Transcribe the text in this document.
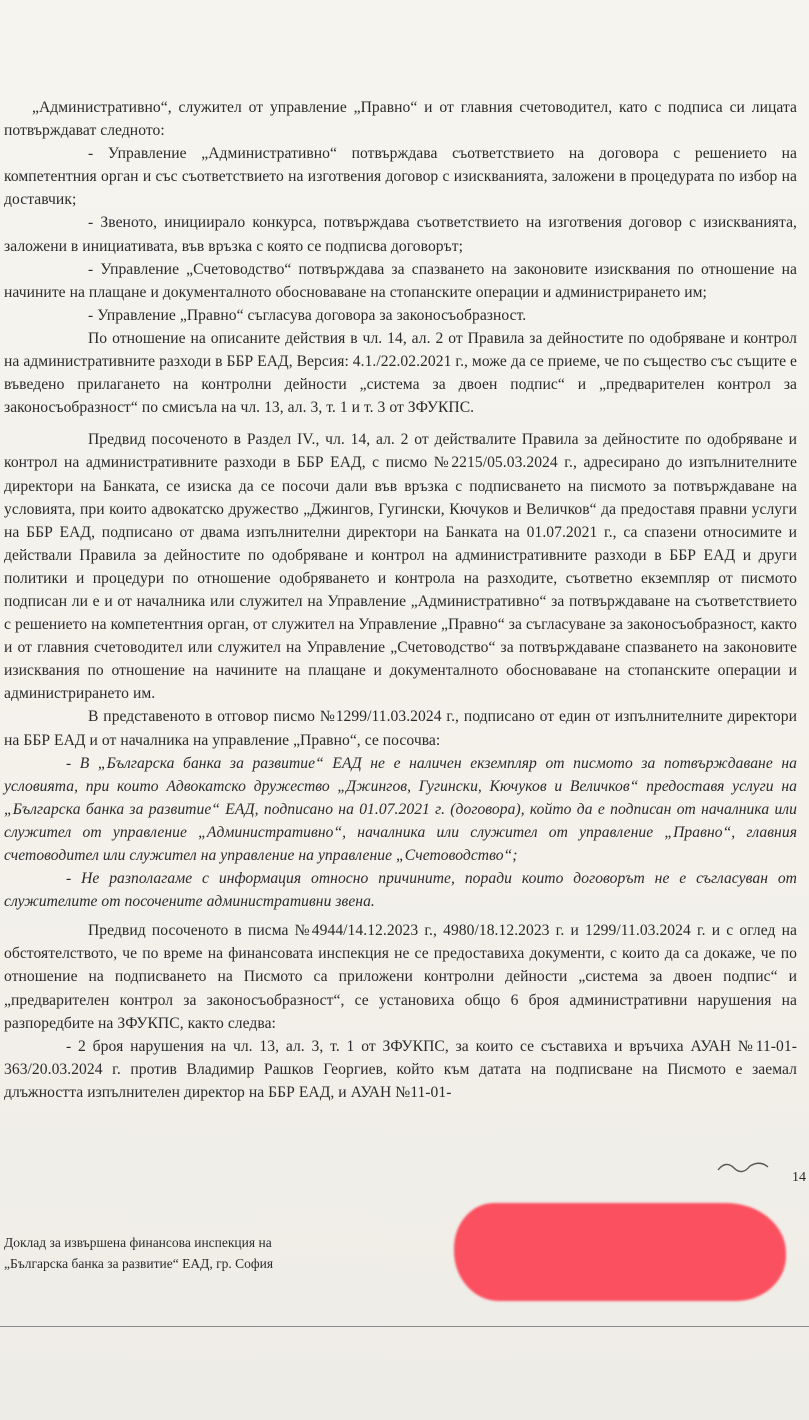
„Административно“, служител от управление „Правно“ и от главния счетоводител, като с подписа си лицата потвърждават следното:

- Управление „Административно“ потвърждава съответствието на договора с решението на компетентния орган и със съответствието на изготвения договор с изискванията, заложени в процедурата по избор на доставчик;

- Звеното, инициирало конкурса, потвърждава съответствието на изготвения договор с изискванията, заложени в инициативата, във връзка с която се подписва договорът;

- Управление „Счетоводство“ потвърждава за спазването на законовите изисквания по отношение на начините на плащане и документалното обосноваване на стопанските операции и администрирането им;

- Управление „Правно“ съгласува договора за законосъобразност.

По отношение на описаните действия в чл. 14, ал. 2 от Правила за дейностите по одобряване и контрол на административните разходи в ББР ЕАД, Версия: 4.1./22.02.2021 г., може да се приеме, че по същество със същите е въведено прилагането на контролни дейности „система за двоен подпис“ и „предварителен контрол за законосъобразност“ по смисъла на чл. 13, ал. 3, т. 1 и т. 3 от ЗФУКПС.

Предвид посоченото в Раздел IV., чл. 14, ал. 2 от действалите Правила за дейностите по одобряване и контрол на административните разходи в ББР ЕАД, с писмо №2215/05.03.2024 г., адресирано до изпълнителните директори на Банката, се изиска да се посочи дали във връзка с подписването на писмото за потвърждаване на условията, при които адвокатско дружество „Джингов, Гугински, Кючуков и Величков“ да предоставя правни услуги на ББР ЕАД, подписано от двама изпълнителни директори на Банката на 01.07.2021 г., са спазени относимите и действали Правила за дейностите по одобряване и контрол на административните разходи в ББР ЕАД и други политики и процедури по отношение одобряването и контрола на разходите, съответно екземпляр от писмото подписан ли е и от началника или служител на Управление „Административно“ за потвърждаване на съответствието с решението на компетентния орган, от служител на Управление „Правно“ за съгласуване за законосъобразност, както и от главния счетоводител или служител на Управление „Счетоводство“ за потвърждаване спазването на законовите изисквания по отношение на начините на плащане и документалното обосноваване на стопанските операции и администрирането им.

В представеното в отговор писмо №1299/11.03.2024 г., подписано от един от изпълнителните директори на ББР ЕАД и от началника на управление „Правно“, се посочва:

- В „Българска банка за развитие“ ЕАД не е наличен екземпляр от писмото за потвърждаване на условията, при които Адвокатско дружество „Джингов, Гугински, Кючуков и Величков“ предоставя услуги на „Българска банка за развитие“ ЕАД, подписано на 01.07.2021 г. (договора), който да е подписан от началника или служител от управление „Административно“, началника или служител от управление „Правно“, главния счетоводител или служител на управление на управление „Счетоводство“;

- Не разполагаме с информация относно причините, поради които договорът не е съгласуван от служителите от посочените административни звена.

Предвид посоченото в писма №4944/14.12.2023 г., 4980/18.12.2023 г. и 1299/11.03.2024 г. и с оглед на обстоятелството, че по време на финансовата инспекция не се предоставиха документи, с които да са докаже, че по отношение на подписването на Писмото са приложени контролни дейности „система за двоен подпис“ и „предварителен контрол за законосъобразност“, се установиха общо 6 броя административни нарушения на разпоредбите на ЗФУКПС, както следва:

- 2 броя нарушения на чл. 13, ал. 3, т. 1 от ЗФУКПС, за които се съставиха и връчиха АУАН №11-01-363/20.03.2024 г. против Владимир Рашков Георгиев, който към датата на подписване на Писмото е заемал длъжността изпълнителен директор на ББР ЕАД, и АУАН №11-01-

14
Доклад за извършена финансова инспекция на
„Българска банка за развитие“ ЕАД, гр. София
